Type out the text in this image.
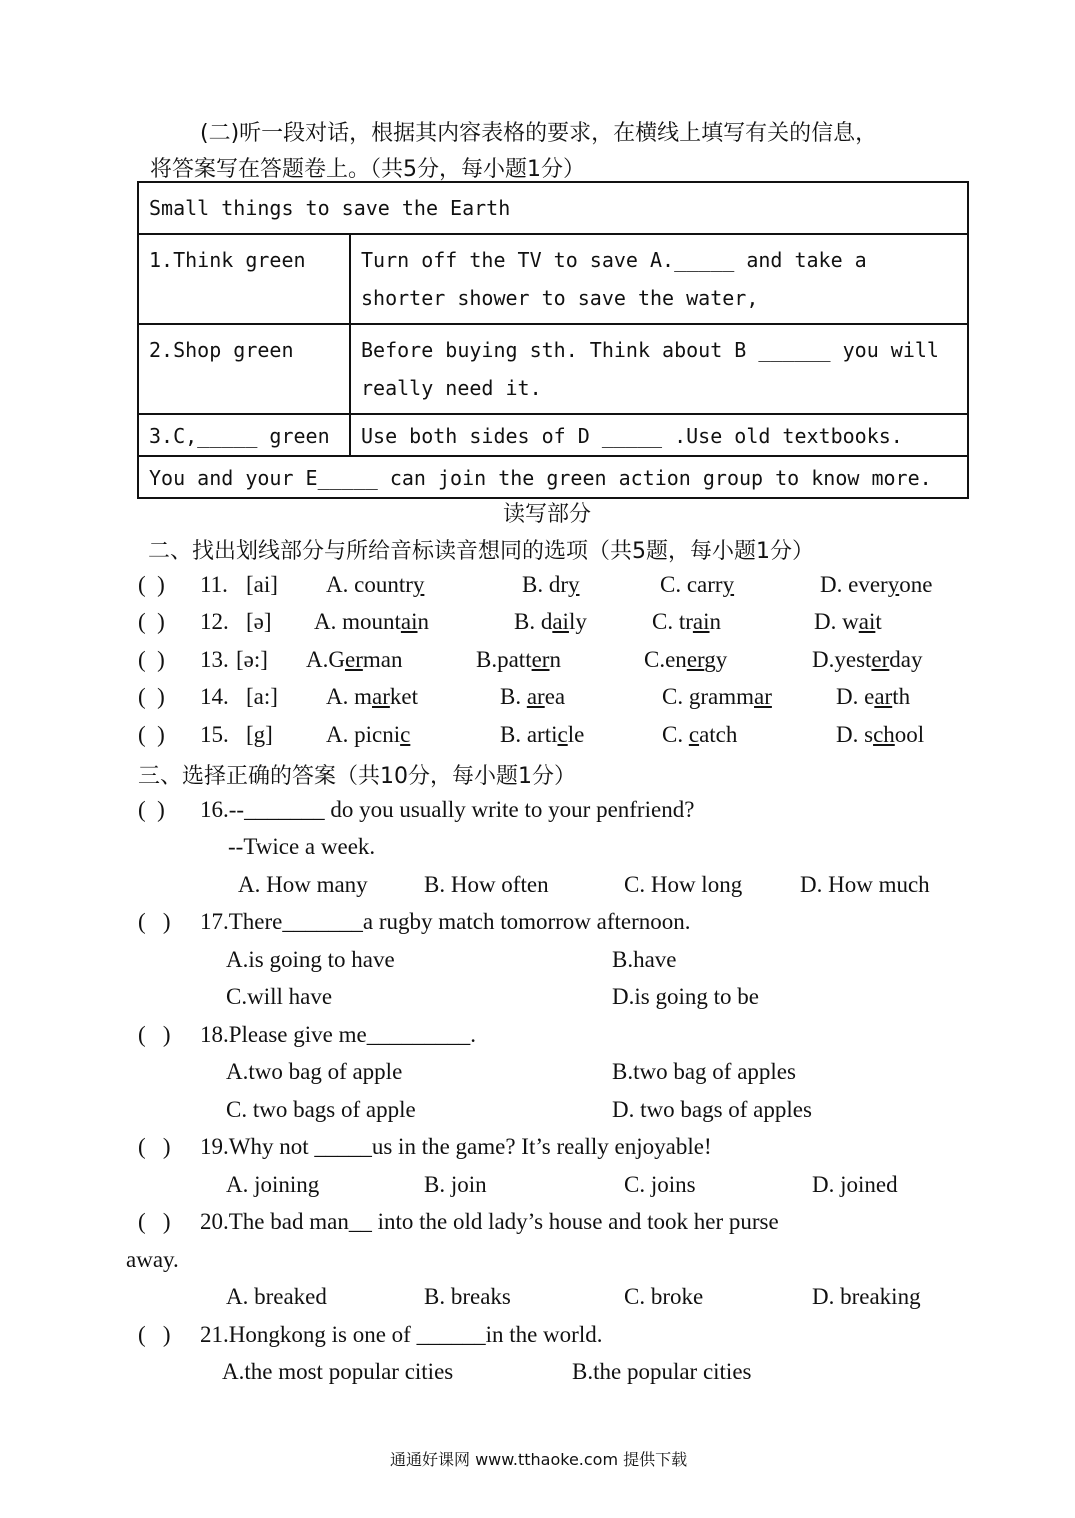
(二)听一段对话，根据其内容表格的要求，在横线上填写有关的信息，
将答案写在答题卷上。（共5分，每小题1分）
Small things to save the Earth	
1.Think green	Turn off the TV to save A._____ and take a shorter shower to save the water,
2.Shop green	Before buying sth. Think about B ______ you will really need it.
3.C,_____ green	Use both sides of D _____ .Use old textbooks.
You and your E_____ can join the green action group to know more.	
读写部分
二、找出划线部分与所给音标读音想同的选项（共5题，每小题1分）
(  ) 11. [ai] A. country	B. dry	C. carry	D. everyone
(  ) 12. [ə] A. mountain	B. daily	C. train	D. wait
(  ) 13. [ə:] A.German	B.pattern	C.energy	D.yesterday
(  ) 14. [a:] A. market	B. area	C. grammar	D. earth
(  ) 15. [g] A. picnic	B. article	C. catch	D. school
三、选择正确的答案（共10分，每小题1分）
(  ) 16.--_______ do you usually write to your penfriend?
--Twice a week.
A. How many B. How often	C. How long	D. How much
(   ) 17.There_______a rugby match tomorrow afternoon.
A.is going to have	B.have
C.will have	D.is going to be
(   ) 18.Please give me_________.
A.two bag of apple	B.two bag of apples
C. two bags of apple	D. two bags of apples
(   ) 19.Why not _____us in the game? It’s really enjoyable!
A. joining	B. join	C. joins	D. joined
(   ) 20.The bad man__ into the old lady’s house and took her purse
away.
A. breaked	B. breaks	C. broke	D. breaking
(   ) 21.Hongkong is one of ______in the world.
A.the most popular cities	B.the popular cities
通通好课网 www.tthaoke.com 提供下载
